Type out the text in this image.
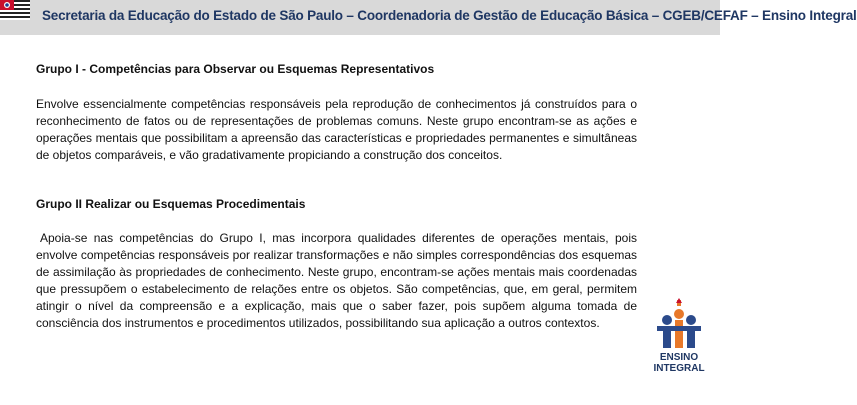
Secretaria da Educação do Estado de São Paulo – Coordenadoria de Gestão de Educação Básica – CGEB/CEFAF – Ensino Integral
Grupo I - Competências para Observar ou Esquemas Representativos

Envolve essencialmente competências responsáveis pela reprodução de conhecimentos já construídos para o reconhecimento de fatos ou de representações de problemas comuns. Neste grupo encontram-se as ações e operações mentais que possibilitam a apreensão das características e propriedades permanentes e simultâneas de objetos comparáveis, e vão gradativamente propiciando a construção dos conceitos.

Grupo II Realizar ou Esquemas Procedimentais

Apoia-se nas competências do Grupo I, mas incorpora qualidades diferentes de operações mentais, pois envolve competências responsáveis por realizar transformações e não simples correspondências dos esquemas de assimilação às propriedades de conhecimento. Neste grupo, encontram-se ações mentais mais coordenadas que pressupõem o estabelecimento de relações entre os objetos. São competências, que, em geral, permitem atingir o nível da compreensão e a explicação, mais que o saber fazer, pois supõem alguma tomada de consciência dos instrumentos e procedimentos utilizados, possibilitando sua aplicação a outros contextos.

ENSINO
INTEGRAL
